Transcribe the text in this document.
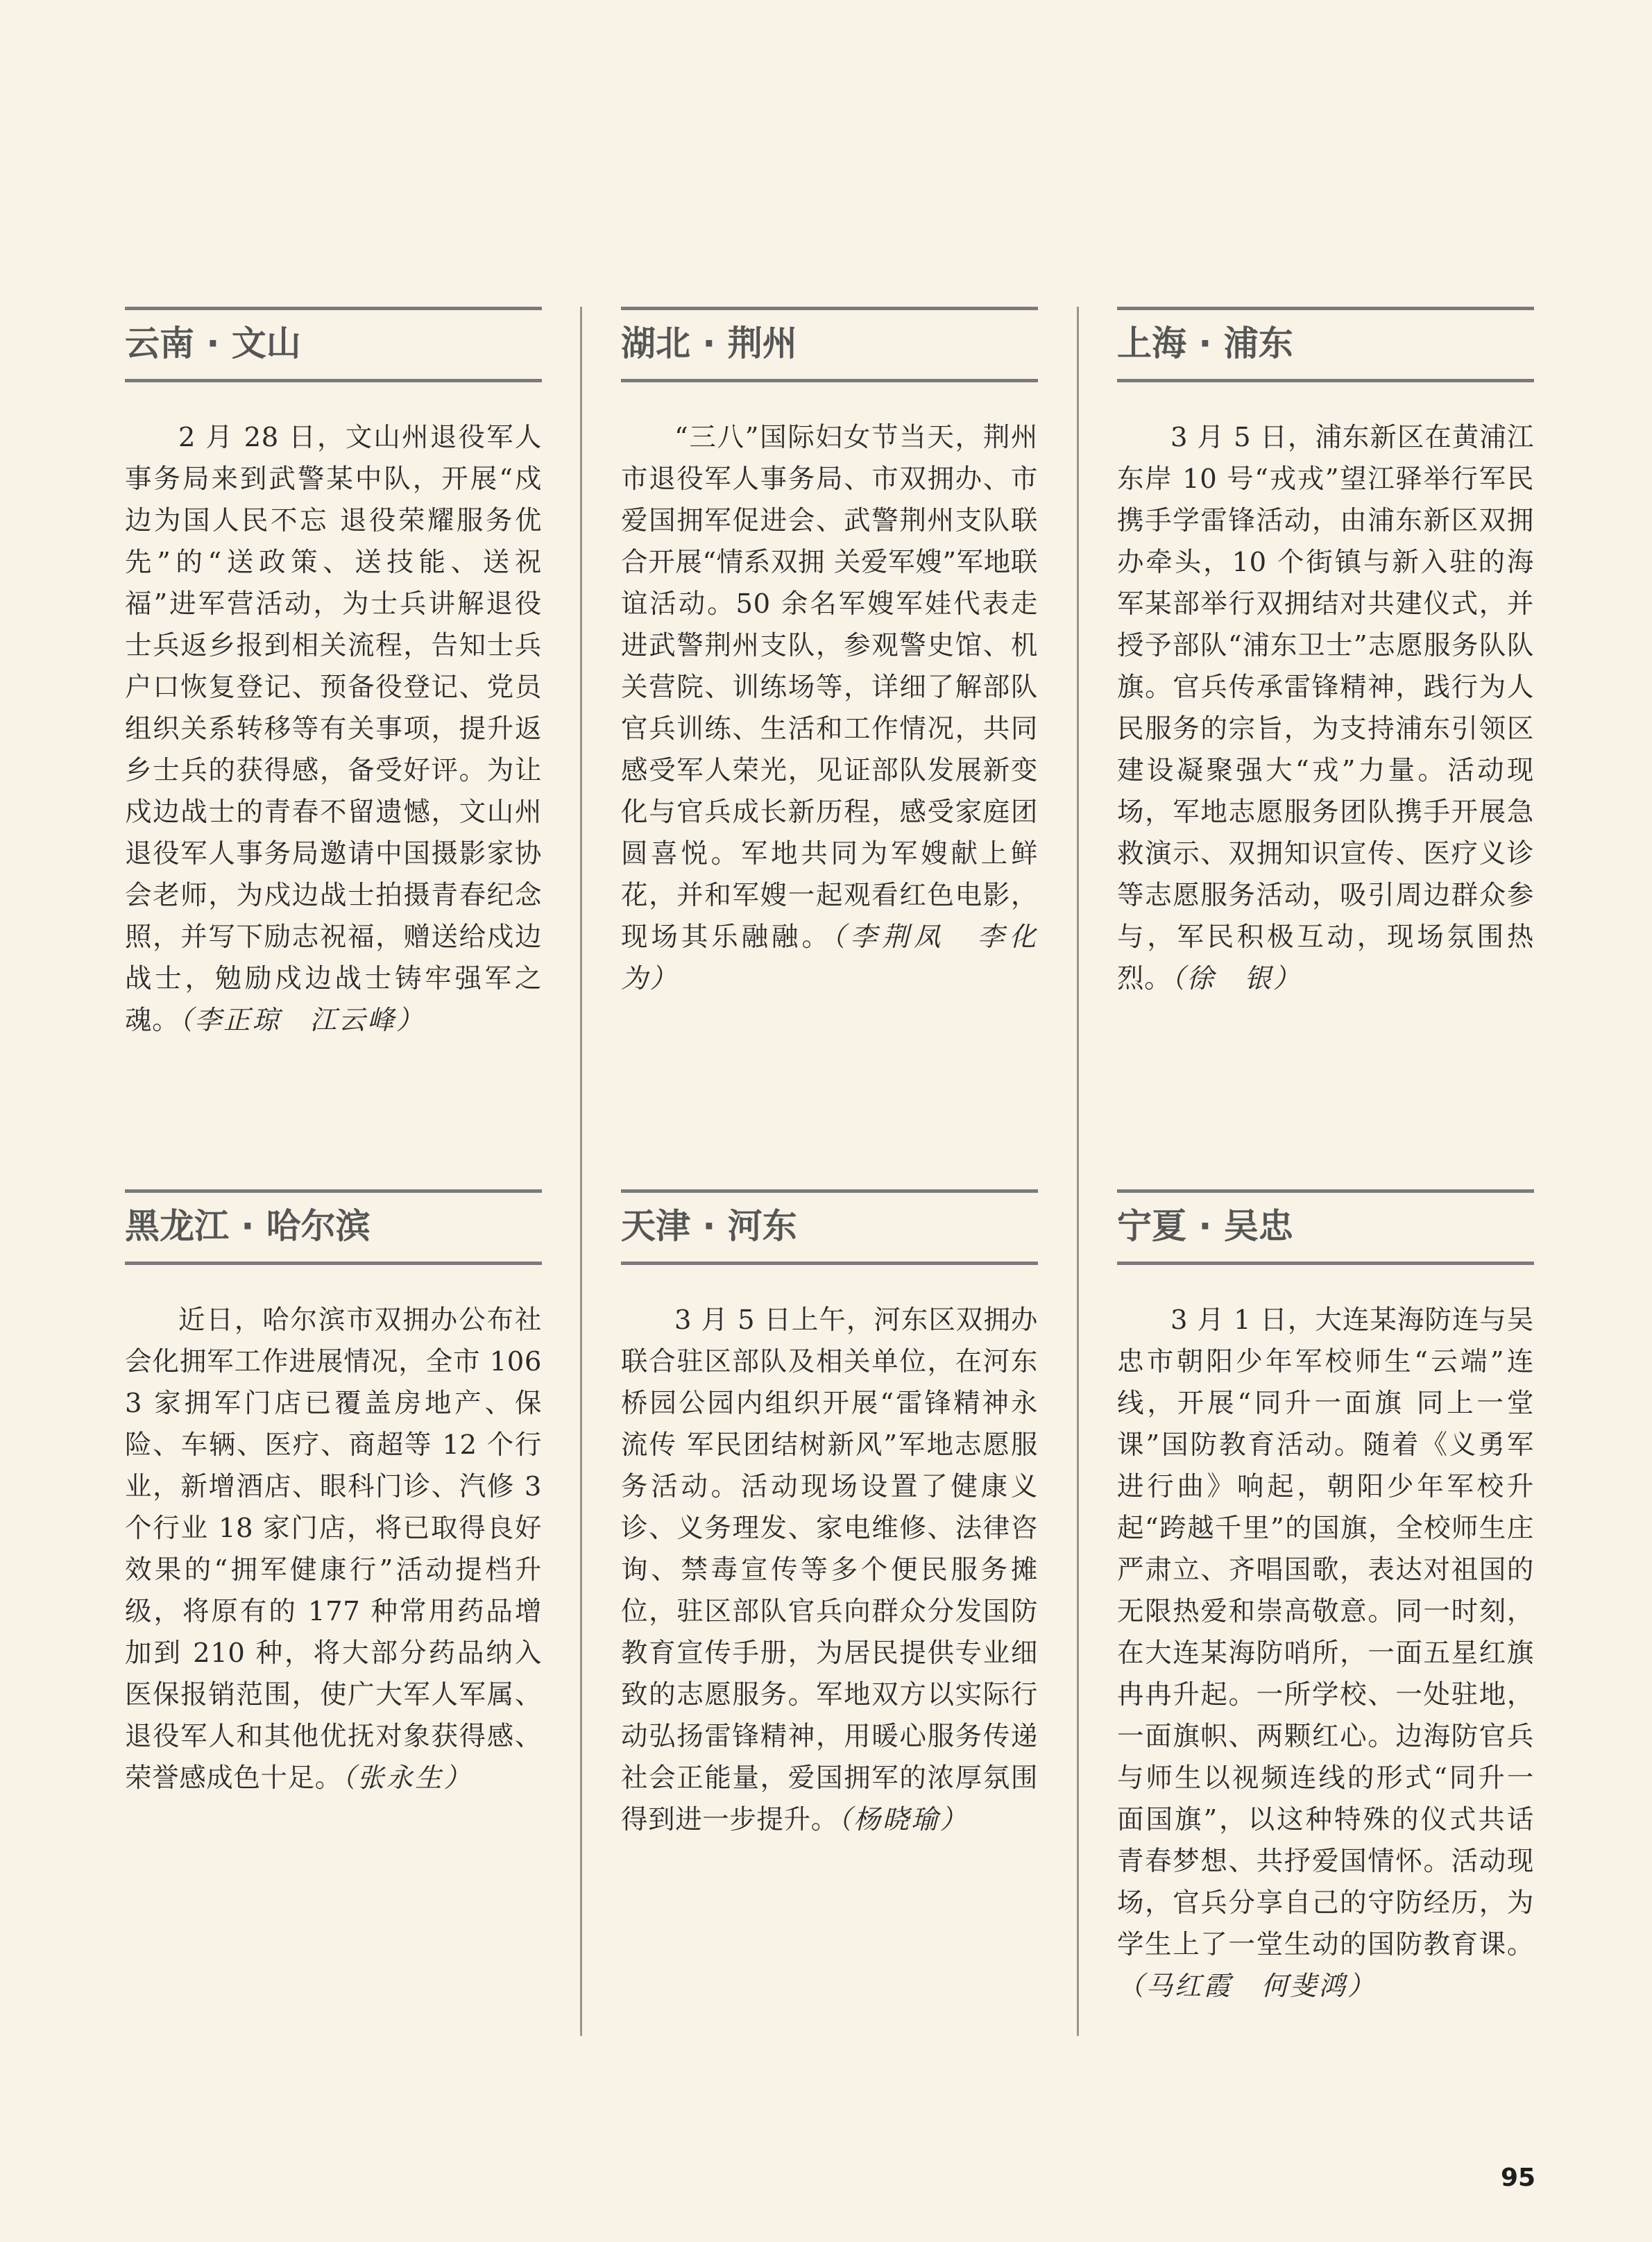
云南 · 文山
2 月 28 日，文山州退役军人事务局来到武警某中队，开展“戍边为国人民不忘 退役荣耀服务优先”的“送政策、送技能、送祝福”进军营活动，为士兵讲解退役士兵返乡报到相关流程，告知士兵户口恢复登记、预备役登记、党员组织关系转移等有关事项，提升返乡士兵的获得感，备受好评。为让戍边战士的青春不留遗憾，文山州退役军人事务局邀请中国摄影家协会老师，为戍边战士拍摄青春纪念照，并写下励志祝福，赠送给戍边战士，勉励戍边战士铸牢强军之魂。（李正琼　江云峰）
湖北 · 荆州
“三八”国际妇女节当天，荆州市退役军人事务局、市双拥办、市爱国拥军促进会、武警荆州支队联合开展“情系双拥 关爱军嫂”军地联谊活动。50 余名军嫂军娃代表走进武警荆州支队，参观警史馆、机关营院、训练场等，详细了解部队官兵训练、生活和工作情况，共同感受军人荣光，见证部队发展新变化与官兵成长新历程，感受家庭团圆喜悦。军地共同为军嫂献上鲜花，并和军嫂一起观看红色电影，现场其乐融融。（李荆凤　李化为）
上海 · 浦东
3 月 5 日，浦东新区在黄浦江东岸 10 号“戎戎”望江驿举行军民携手学雷锋活动，由浦东新区双拥办牵头，10 个街镇与新入驻的海军某部举行双拥结对共建仪式，并授予部队“浦东卫士”志愿服务队队旗。官兵传承雷锋精神，践行为人民服务的宗旨，为支持浦东引领区建设凝聚强大“戎”力量。活动现场，军地志愿服务团队携手开展急救演示、双拥知识宣传、医疗义诊等志愿服务活动，吸引周边群众参与，军民积极互动，现场氛围热烈。（徐　银）
黑龙江 · 哈尔滨
近日，哈尔滨市双拥办公布社会化拥军工作进展情况，全市 1063 家拥军门店已覆盖房地产、保险、车辆、医疗、商超等 12 个行业，新增酒店、眼科门诊、汽修 3 个行业 18 家门店，将已取得良好效果的“拥军健康行”活动提档升级，将原有的 177 种常用药品增加到 210 种，将大部分药品纳入医保报销范围，使广大军人军属、退役军人和其他优抚对象获得感、荣誉感成色十足。（张永生）
天津 · 河东
3 月 5 日上午，河东区双拥办联合驻区部队及相关单位，在河东桥园公园内组织开展“雷锋精神永流传 军民团结树新风”军地志愿服务活动。活动现场设置了健康义诊、义务理发、家电维修、法律咨询、禁毒宣传等多个便民服务摊位，驻区部队官兵向群众分发国防教育宣传手册，为居民提供专业细致的志愿服务。军地双方以实际行动弘扬雷锋精神，用暖心服务传递社会正能量，爱国拥军的浓厚氛围得到进一步提升。（杨晓瑜）
宁夏 · 吴忠
3 月 1 日，大连某海防连与吴忠市朝阳少年军校师生“云端”连线，开展“同升一面旗 同上一堂课”国防教育活动。随着《义勇军进行曲》响起，朝阳少年军校升起“跨越千里”的国旗，全校师生庄严肃立、齐唱国歌，表达对祖国的无限热爱和崇高敬意。同一时刻，在大连某海防哨所，一面五星红旗冉冉升起。一所学校、一处驻地，一面旗帜、两颗红心。边海防官兵与师生以视频连线的形式“同升一面国旗”，以这种特殊的仪式共话青春梦想、共抒爱国情怀。活动现场，官兵分享自己的守防经历，为学生上了一堂生动的国防教育课。（马红霞　何斐鸿）
95
